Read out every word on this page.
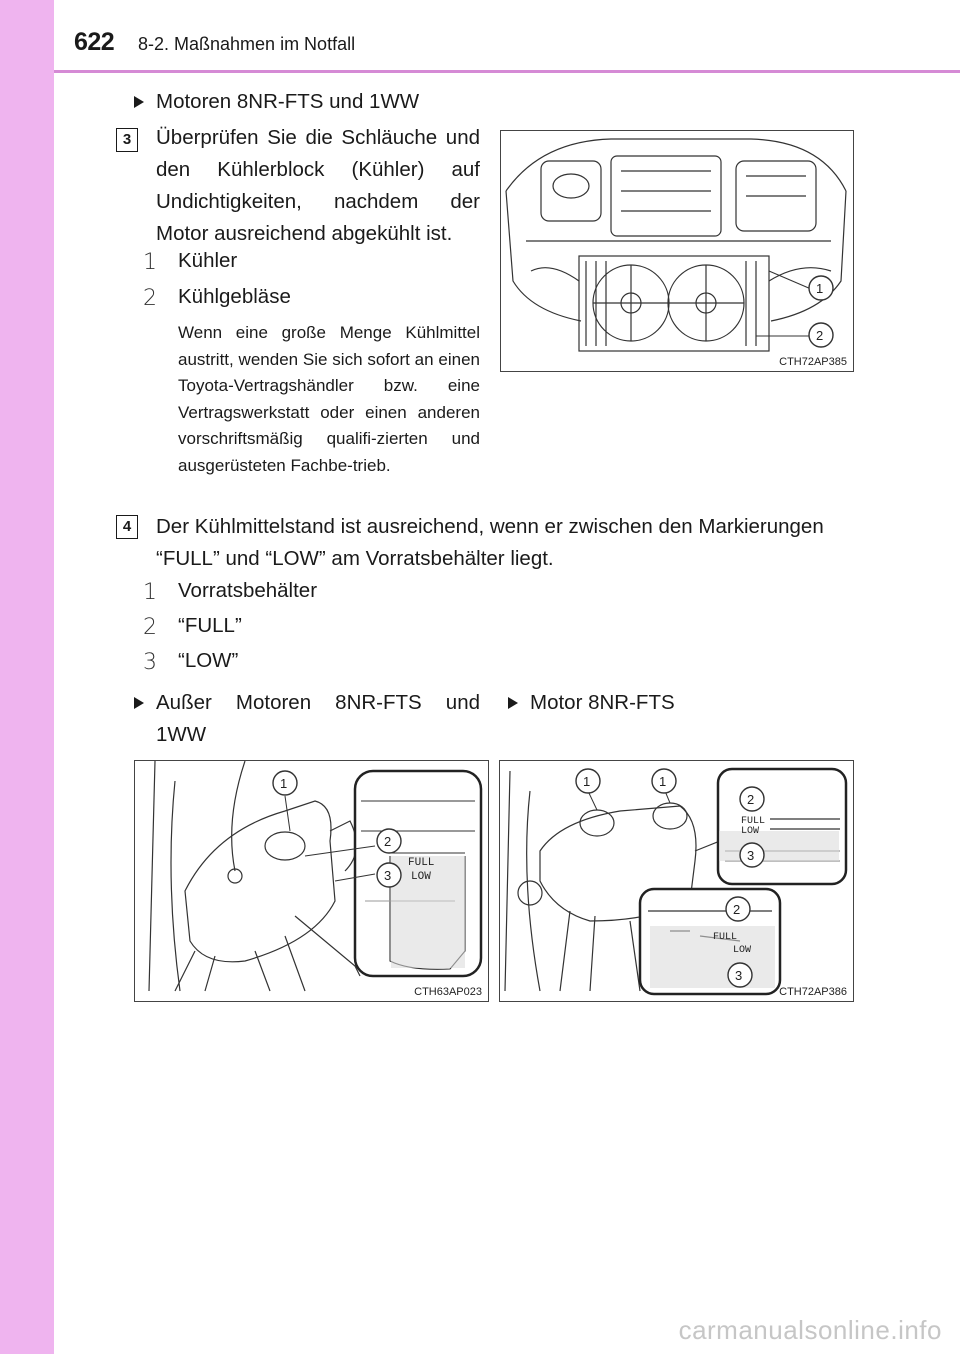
622 8-2. Maßnahmen im Notfall
Motoren 8NR-FTS und 1WW
3	Überprüfen Sie die Schläuche und den Kühlerblock (Kühler) auf Undichtigkeiten, nachdem der Motor ausreichend abgekühlt ist.
1 Kühler
2 Kühlgebläse
Wenn eine große Menge Kühlmittel austritt, wenden Sie sich sofort an einen Toyota-Vertragshändler bzw. eine Vertragswerkstatt oder einen anderen vorschriftsmäßig qualifi-zierten und ausgerüsteten Fachbe-trieb.
1
2
CTH72AP385
4	Der Kühlmittelstand ist ausreichend, wenn er zwischen den Markierungen “FULL” und “LOW” am Vorratsbehälter liegt.
1 Vorratsbehälter
2 “FULL”
3 “LOW”
Außer Motoren 8NR-FTS und 1WW
Motor 8NR-FTS
FULL
LOW
1
2
3
CTH63AP023
FULL
LOW
FULL
LOW
1	1
2
3
2
3
CTH72AP386
carmanualsonline.info
